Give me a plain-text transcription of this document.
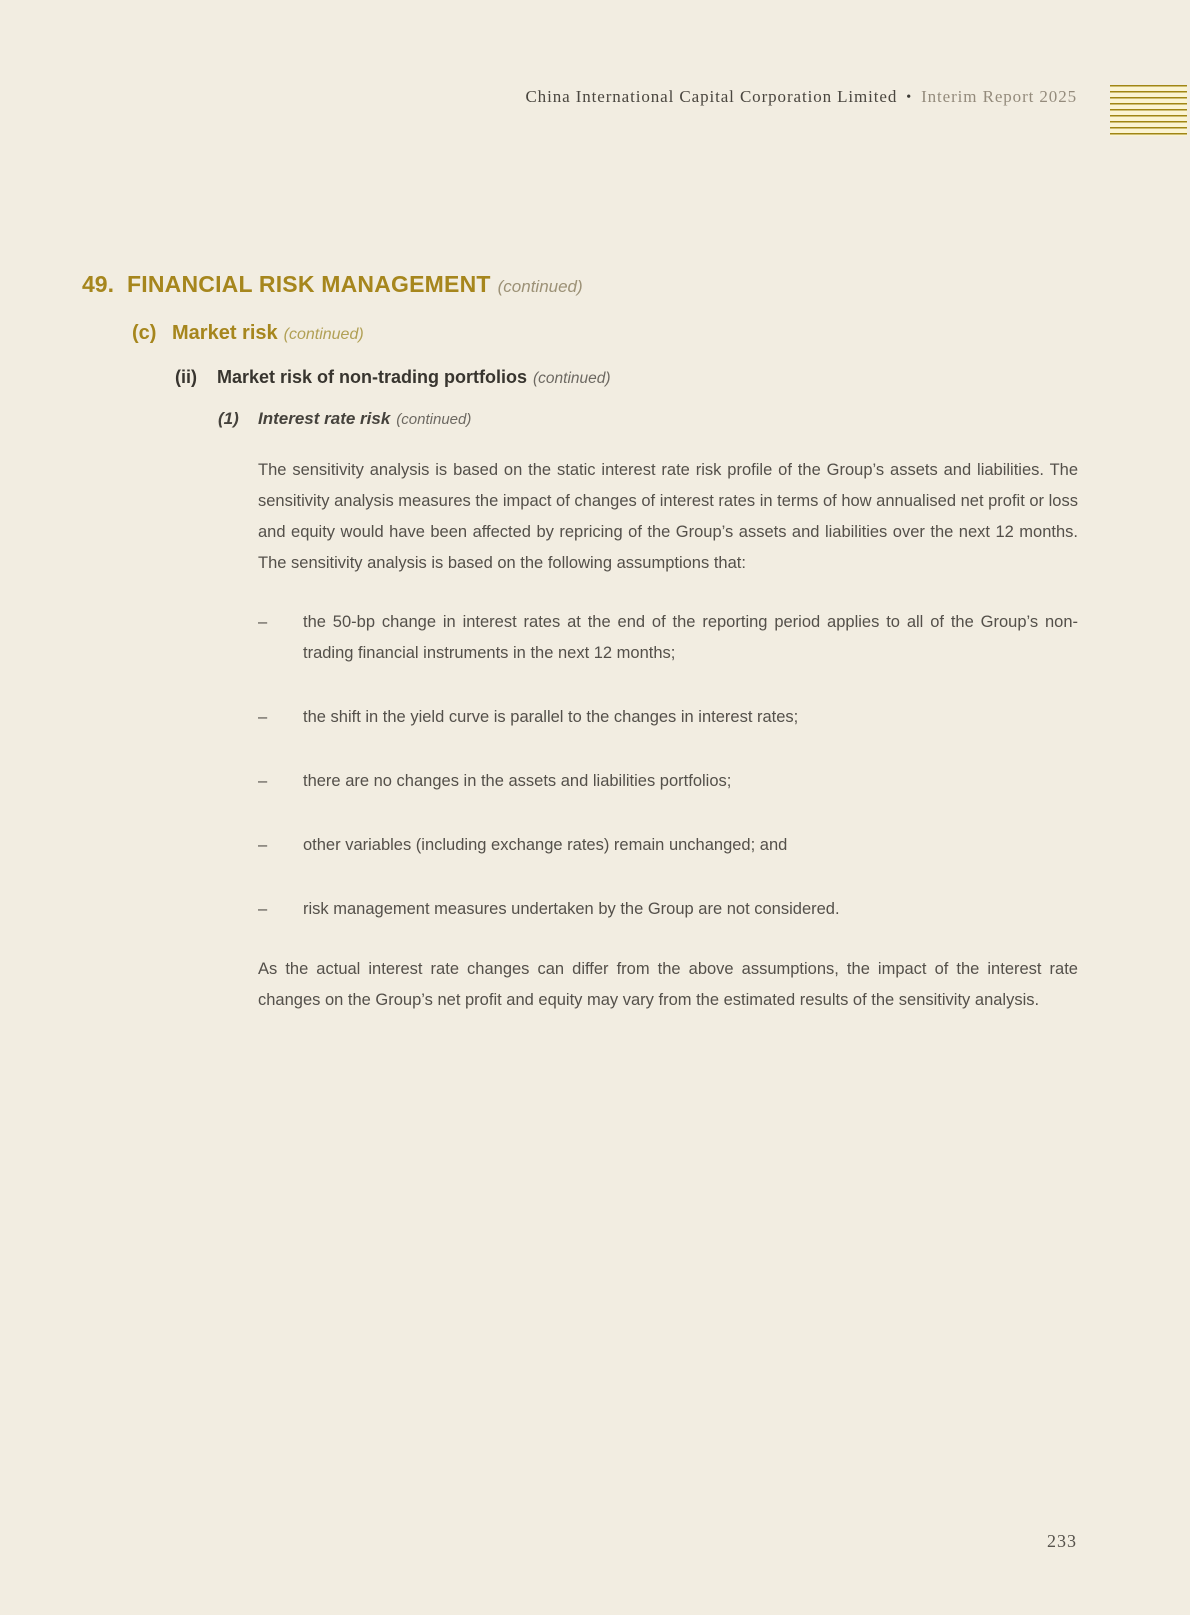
China International Capital Corporation Limited • Interim Report 2025
49. FINANCIAL RISK MANAGEMENT (continued)
(c) Market risk (continued)
(ii)	Market risk of non-trading portfolios (continued)
(1)	Interest rate risk (continued)

The sensitivity analysis is based on the static interest rate risk profile of the Group’s assets and liabilities. The sensitivity analysis measures the impact of changes of interest rates in terms of how annualised net profit or loss and equity would have been affected by repricing of the Group’s assets and liabilities over the next 12 months. The sensitivity analysis is based on the following assumptions that:

–	the 50-bp change in interest rates at the end of the reporting period applies to all of the Group’s non-trading financial instruments in the next 12 months;
–	the shift in the yield curve is parallel to the changes in interest rates;
–	there are no changes in the assets and liabilities portfolios;
–	other variables (including exchange rates) remain unchanged; and
–	risk management measures undertaken by the Group are not considered.

As the actual interest rate changes can differ from the above assumptions, the impact of the interest rate changes on the Group’s net profit and equity may vary from the estimated results of the sensitivity analysis.

233
